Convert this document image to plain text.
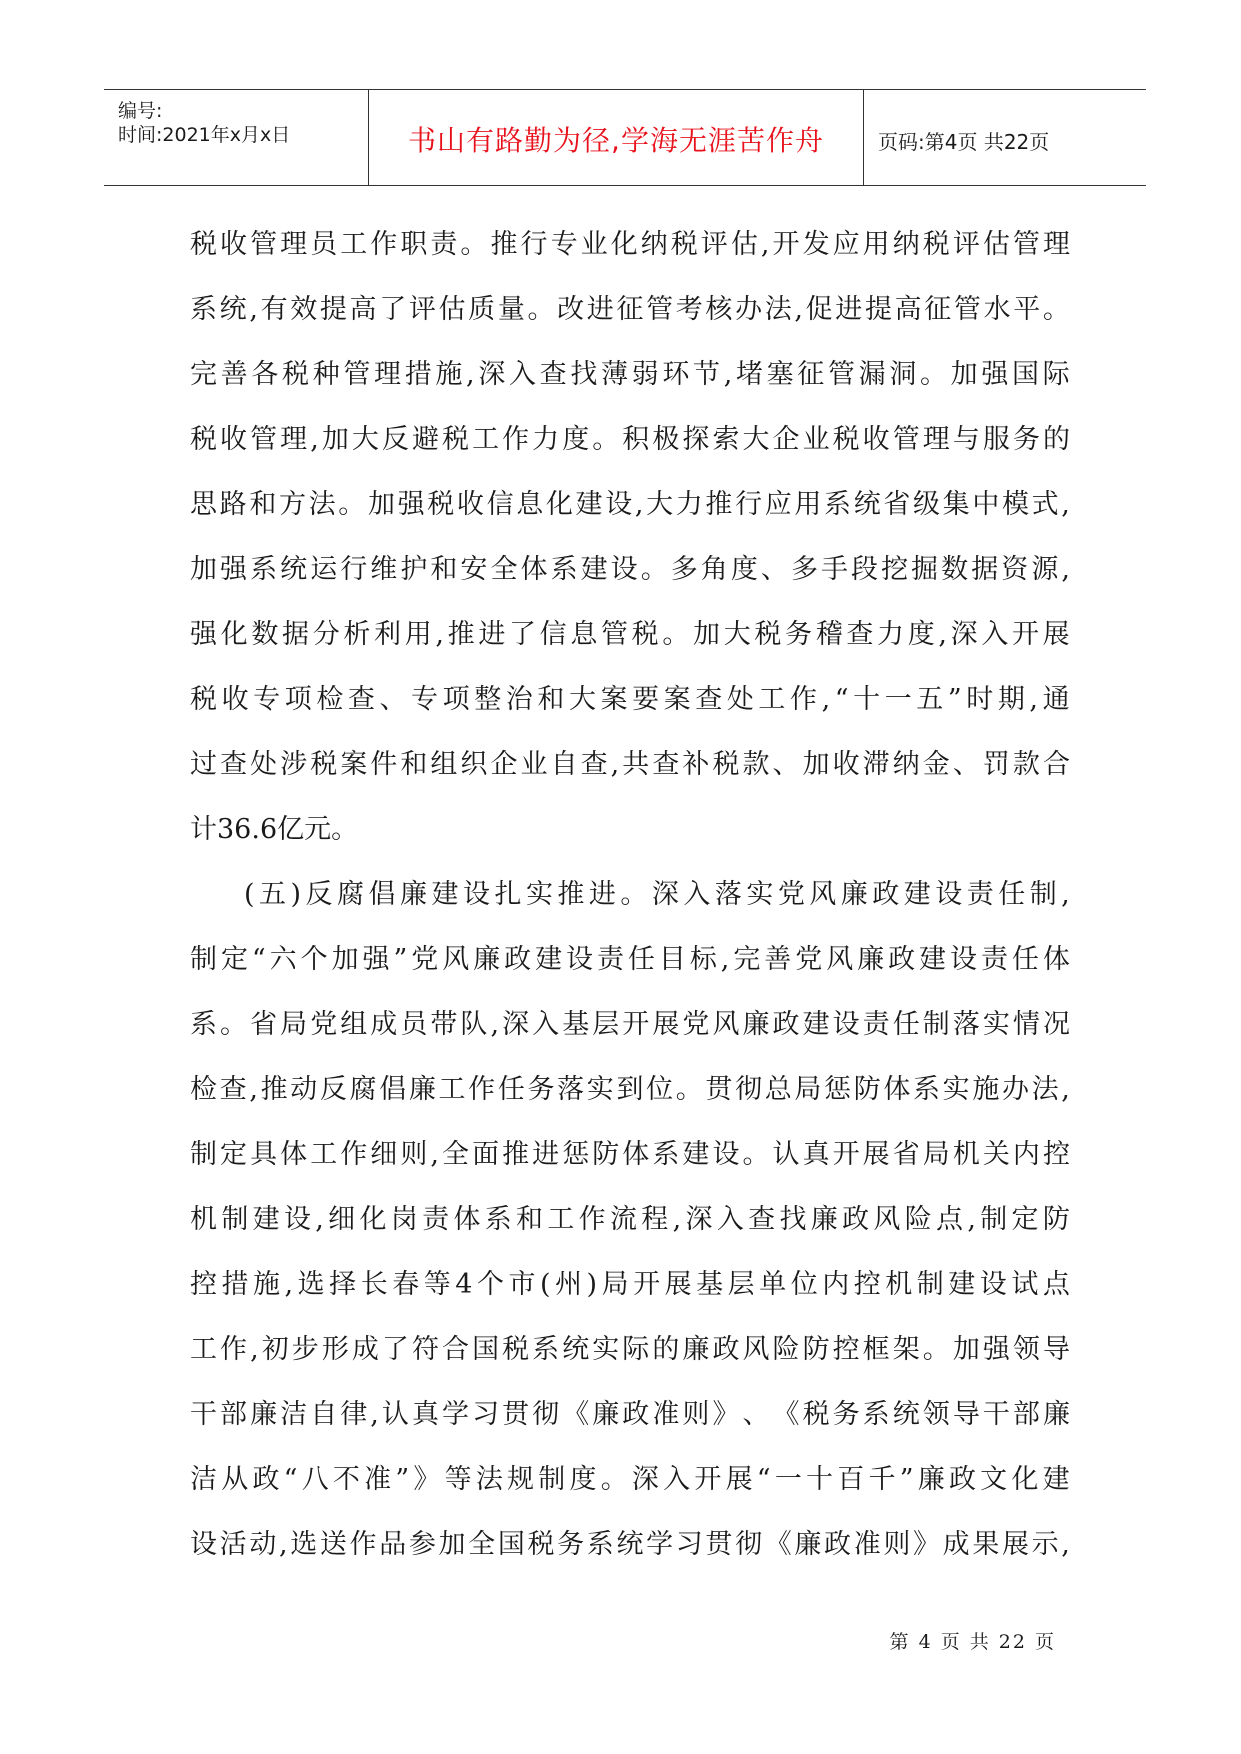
编号:
时间:2021年x月x日	书山有路勤为径,学海无涯苦作舟	页码:第4页 共22页
税 收 管 理 员 工 作 职 责 。 推 行 专 业 化 纳 税 评 估 , 开 发 应 用 纳 税 评 估 管 理
系 统 , 有 效 提 高 了 评 估 质 量 。 改 进 征 管 考 核 办 法 , 促 进 提 高 征 管 水 平 。
完 善 各 税 种 管 理 措 施 , 深 入 查 找 薄 弱 环 节 , 堵 塞 征 管 漏 洞 。 加 强 国 际
税 收 管 理 , 加 大 反 避 税 工 作 力 度 。 积 极 探 索 大 企 业 税 收 管 理 与 服 务 的
思 路 和 方 法 。 加 强 税 收 信 息 化 建 设 , 大 力 推 行 应 用 系 统 省 级 集 中 模 式 ,
加 强 系 统 运 行 维 护 和 安 全 体 系 建 设 。 多 角 度 、 多 手 段 挖 掘 数 据 资 源 ,
强 化 数 据 分 析 利 用 , 推 进 了 信 息 管 税 。 加 大 税 务 稽 查 力 度 , 深 入 开 展
税 收 专 项 检 查 、 专 项 整 治 和 大 案 要 案 查 处 工 作 , “ 十 一 五 ” 时 期 , 通
过 查 处 涉 税 案 件 和 组 织 企 业 自 查 , 共 查 补 税 款 、 加 收 滞 纳 金 、 罚 款 合
计36.6亿元。
( 五 ) 反 腐 倡 廉 建 设 扎 实 推 进 。 深 入 落 实 党 风 廉 政 建 设 责 任 制 ,
制 定 “ 六 个 加 强 ” 党 风 廉 政 建 设 责 任 目 标 , 完 善 党 风 廉 政 建 设 责 任 体
系 。 省 局 党 组 成 员 带 队 , 深 入 基 层 开 展 党 风 廉 政 建 设 责 任 制 落 实 情 况
检 查 , 推 动 反 腐 倡 廉 工 作 任 务 落 实 到 位 。 贯 彻 总 局 惩 防 体 系 实 施 办 法 ,
制 定 具 体 工 作 细 则 , 全 面 推 进 惩 防 体 系 建 设 。 认 真 开 展 省 局 机 关 内 控
机 制 建 设 , 细 化 岗 责 体 系 和 工 作 流 程 , 深 入 查 找 廉 政 风 险 点 , 制 定 防
控 措 施 , 选 择 长 春 等 4 个 市 ( 州 ) 局 开 展 基 层 单 位 内 控 机 制 建 设 试 点
工 作 , 初 步 形 成 了 符 合 国 税 系 统 实 际 的 廉 政 风 险 防 控 框 架 。 加 强 领 导
干 部 廉 洁 自 律 , 认 真 学 习 贯 彻 《 廉 政 准 则 》 、 《 税 务 系 统 领 导 干 部 廉
洁 从 政 “ 八 不 准 ” 》 等 法 规 制 度 。 深 入 开 展 “ 一 十 百 千 ” 廉 政 文 化 建
设 活 动 , 选 送 作 品 参 加 全 国 税 务 系 统 学 习 贯 彻 《 廉 政 准 则 》 成 果 展 示 ,
第 4 页 共 22 页
